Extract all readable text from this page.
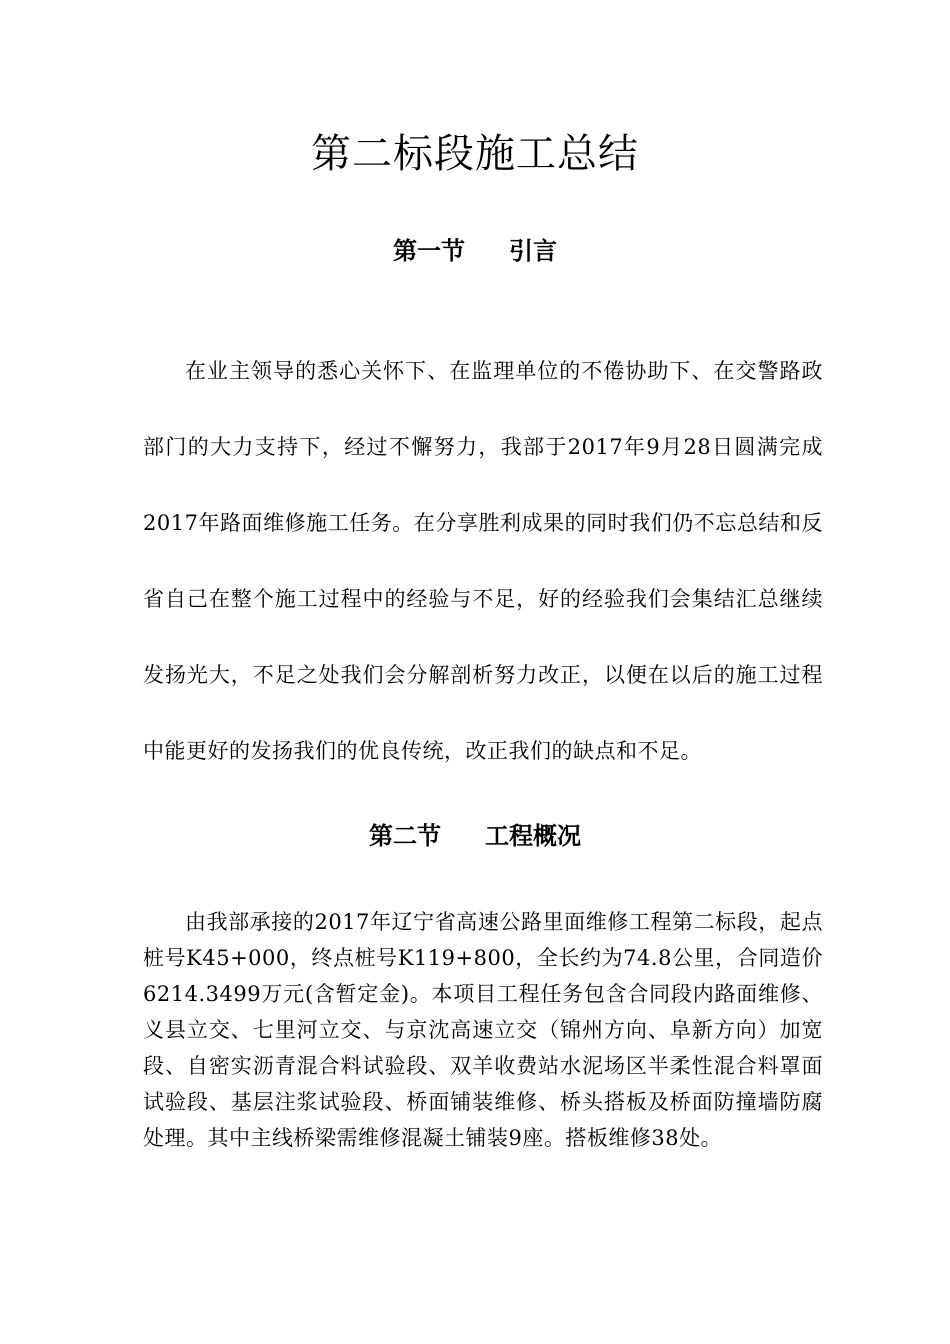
第二标段施工总结
第一节 引言

在业主领导的悉心关怀下、在监理单位的不倦协助下、在交警路政部门的大力支持下，经过不懈努力，我部于2017年9月28日圆满完成2017年路面维修施工任务。在分享胜利成果的同时我们仍不忘总结和反省自己在整个施工过程中的经验与不足，好的经验我们会集结汇总继续发扬光大，不足之处我们会分解剖析努力改正，以便在以后的施工过程中能更好的发扬我们的优良传统，改正我们的缺点和不足。

第二节 工程概况

由我部承接的2017年辽宁省高速公路里面维修工程第二标段，起点桩号K45+000，终点桩号K119+800，全长约为74.8公里，合同造价6214.3499万元(含暂定金)。本项目工程任务包含合同段内路面维修、义县立交、七里河立交、与京沈高速立交（锦州方向、阜新方向）加宽段、自密实沥青混合料试验段、双羊收费站水泥场区半柔性混合料罩面试验段、基层注浆试验段、桥面铺装维修、桥头搭板及桥面防撞墙防腐处理。其中主线桥梁需维修混凝土铺装9座。搭板维修38处。
